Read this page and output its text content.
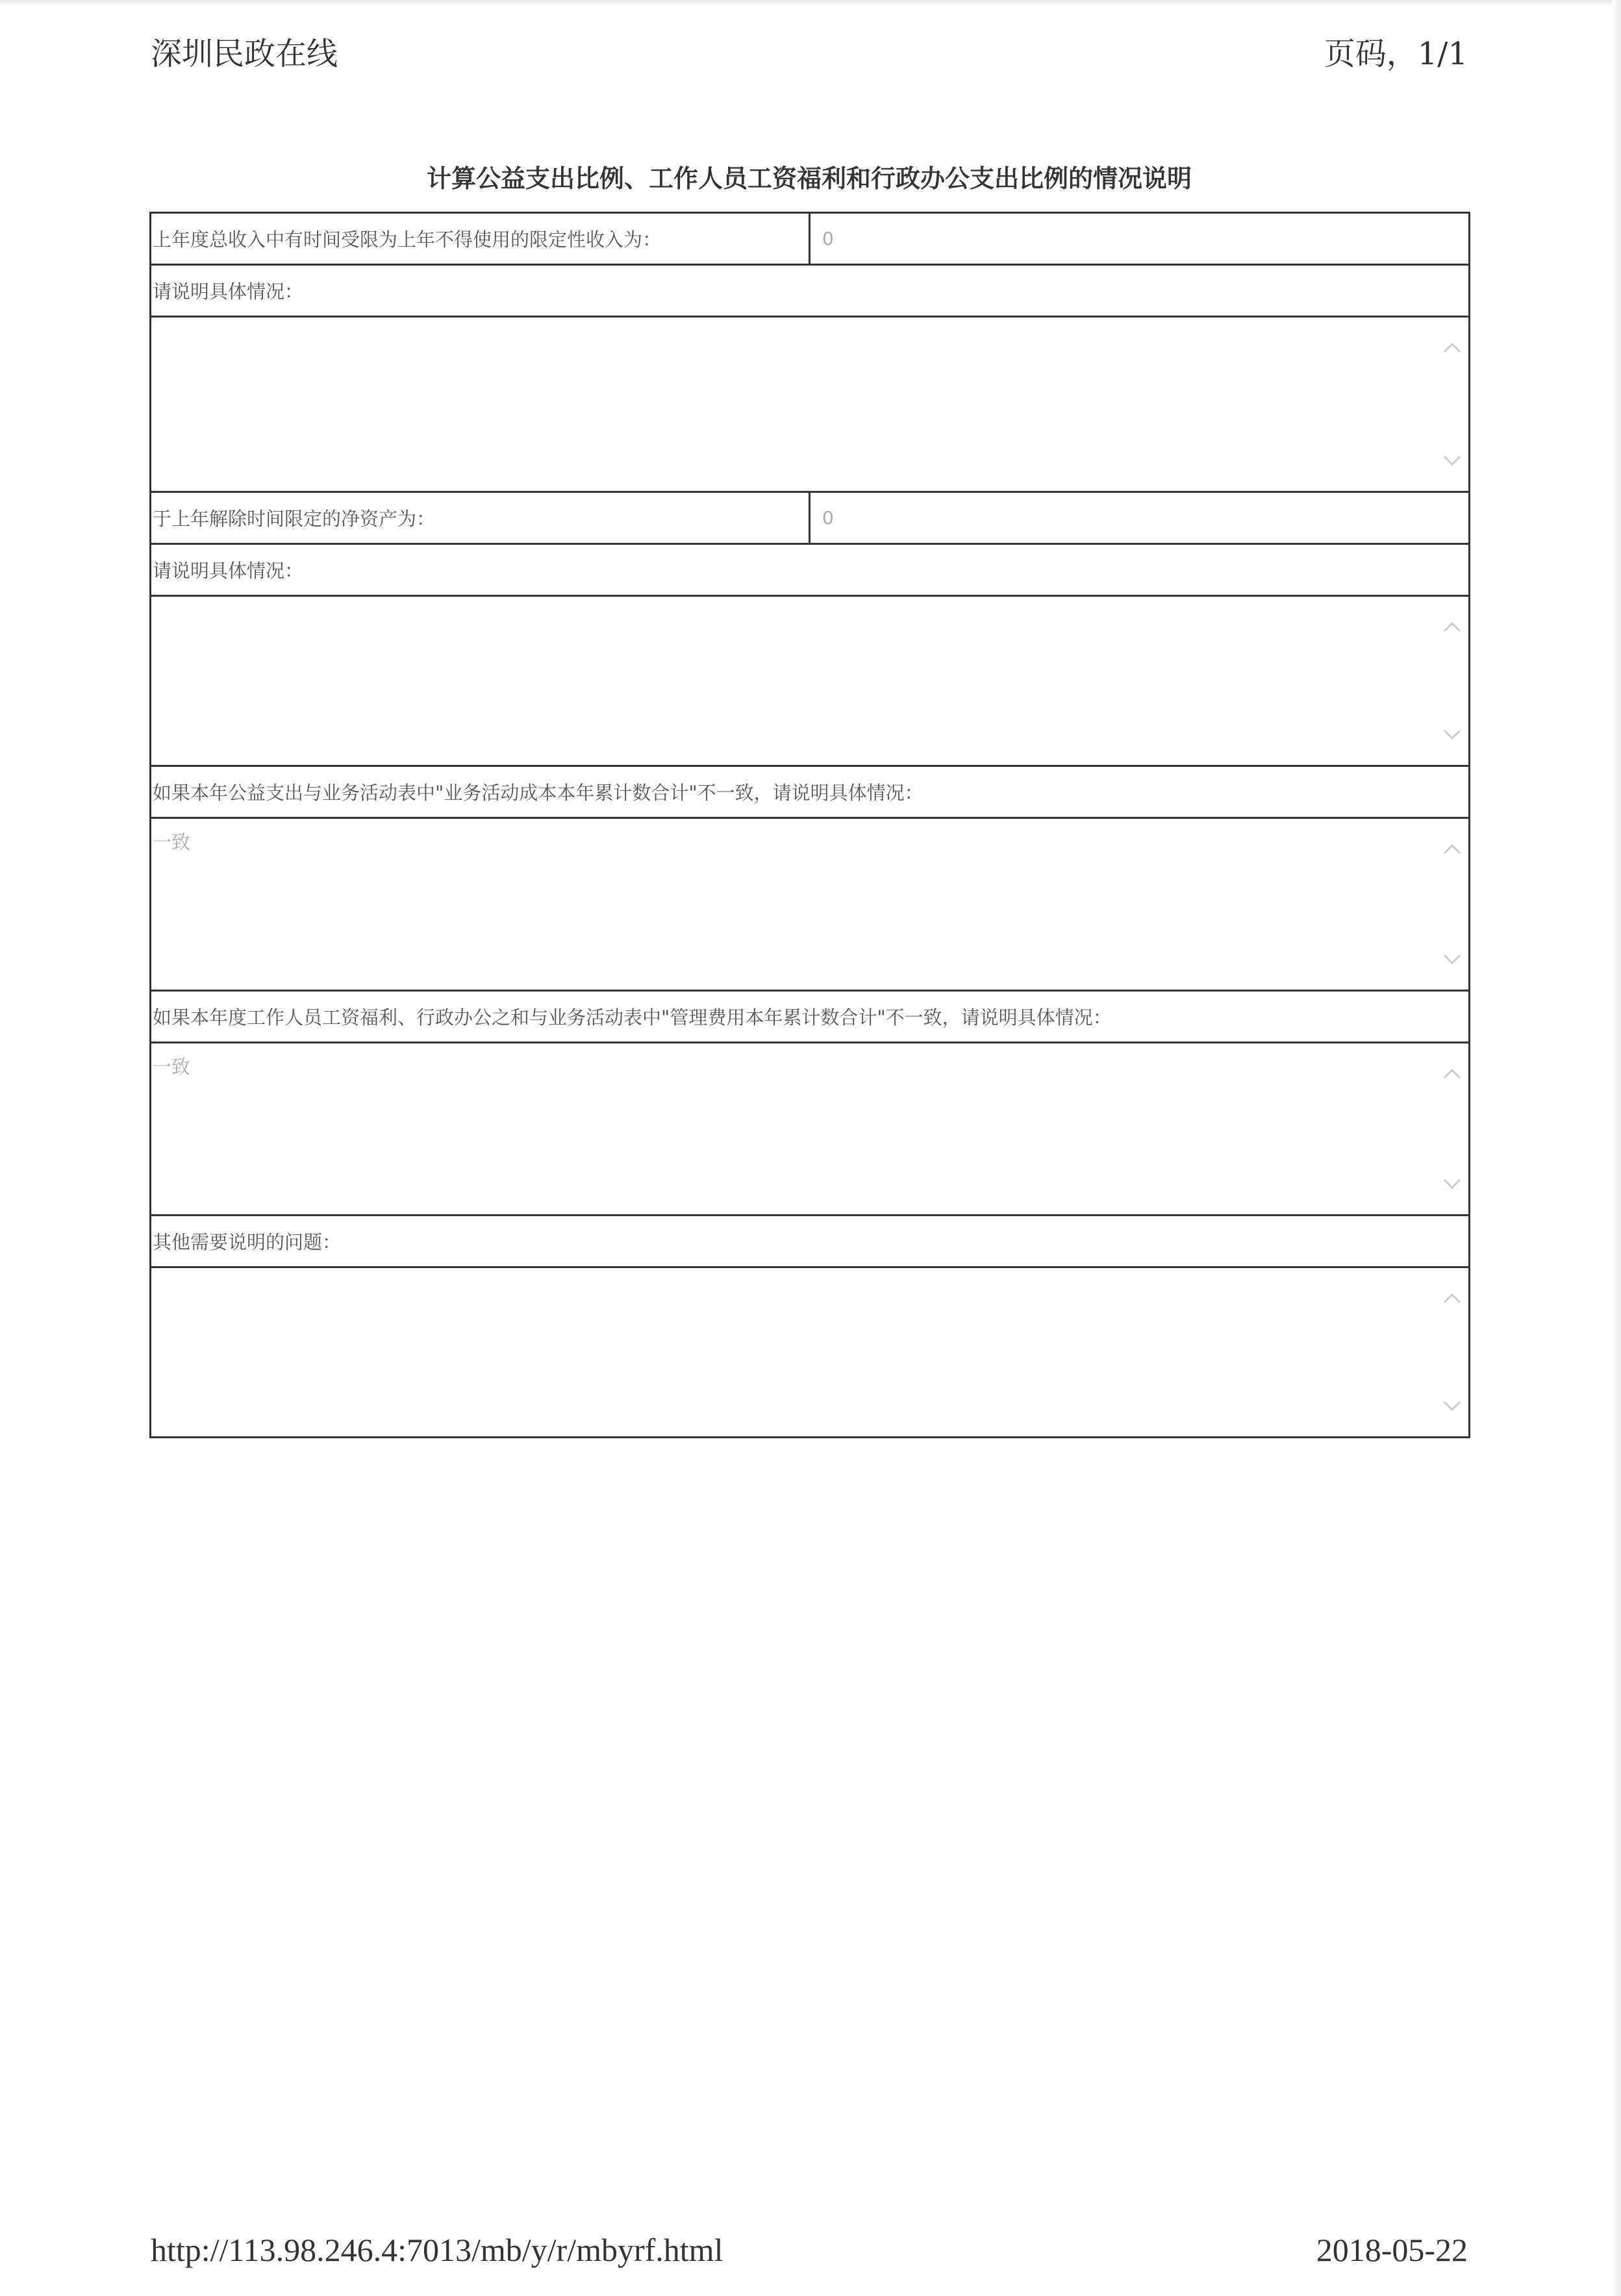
深圳民政在线	页码，1/1
计算公益支出比例、工作人员工资福利和行政办公支出比例的情况说明
上年度总收入中有时间受限为上年不得使用的限定性收入为：	0
请说明具体情况：
于上年解除时间限定的净资产为：	0
请说明具体情况：
如果本年公益支出与业务活动表中"业务活动成本本年累计数合计"不一致，请说明具体情况：
一致
如果本年度工作人员工资福利、行政办公之和与业务活动表中"管理费用本年累计数合计"不一致，请说明具体情况：
一致
其他需要说明的问题：
http://113.98.246.4:7013/mb/y/r/mbyrf.html	2018-05-22
